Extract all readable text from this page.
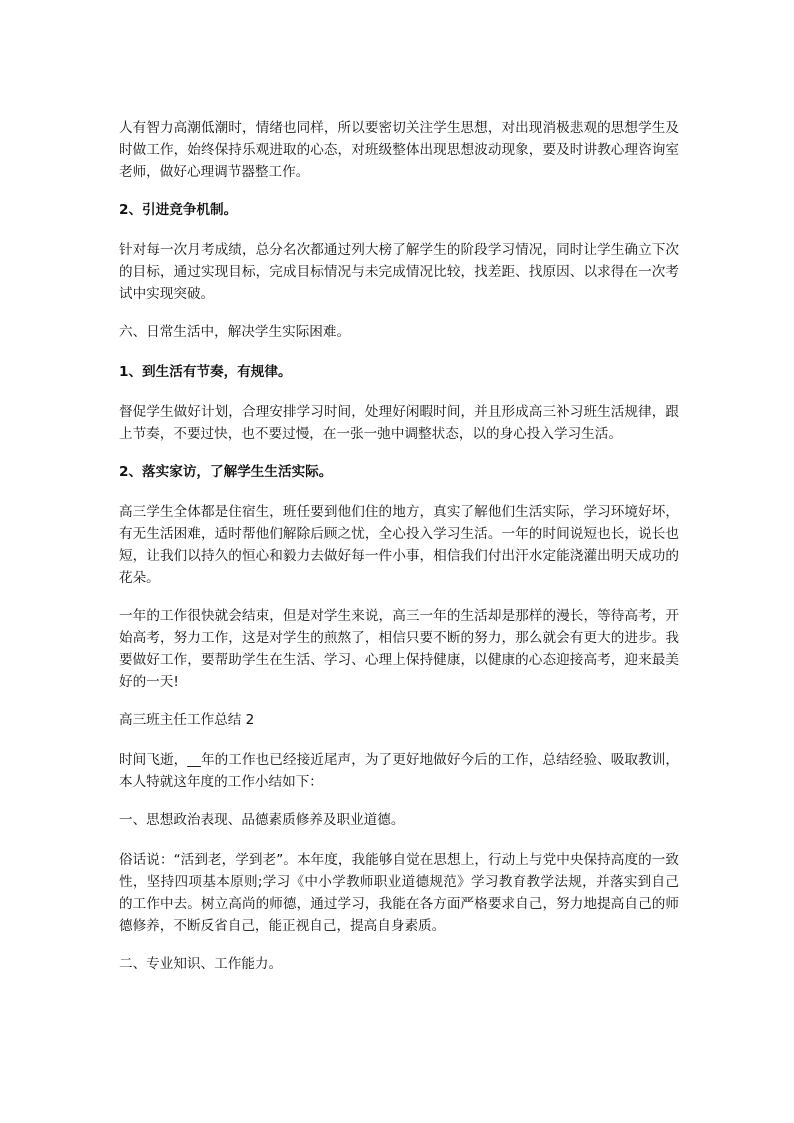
人有智力高潮低潮时，情绪也同样，所以要密切关注学生思想，对出现消极悲观的思想学生及时做工作，始终保持乐观进取的心态，对班级整体出现思想波动现象，要及时讲教心理咨询室老师，做好心理调节器整工作。

2、引进竞争机制。

针对每一次月考成绩，总分名次都通过列大榜了解学生的阶段学习情况，同时让学生确立下次的目标，通过实现目标，完成目标情况与未完成情况比较，找差距、找原因、以求得在一次考试中实现突破。

六、日常生活中，解决学生实际困难。

1、到生活有节奏，有规律。

督促学生做好计划，合理安排学习时间，处理好闲暇时间，并且形成高三补习班生活规律，跟上节奏，不要过快，也不要过慢，在一张一弛中调整状态，以的身心投入学习生活。

2、落实家访，了解学生生活实际。

高三学生全体都是住宿生，班任要到他们住的地方，真实了解他们生活实际，学习环境好坏，有无生活困难，适时帮他们解除后顾之忧，全心投入学习生活。一年的时间说短也长，说长也短，让我们以持久的恒心和毅力去做好每一件小事，相信我们付出汗水定能浇灌出明天成功的花朵。

一年的工作很快就会结束，但是对学生来说，高三一年的生活却是那样的漫长，等待高考，开始高考，努力工作，这是对学生的煎熬了，相信只要不断的努力，那么就会有更大的进步。我要做好工作，要帮助学生在生活、学习、心理上保持健康，以健康的心态迎接高考，迎来最美好的一天!

高三班主任工作总结 2

时间飞逝，__年的工作也已经接近尾声，为了更好地做好今后的工作，总结经验、吸取教训，本人特就这年度的工作小结如下：

一、思想政治表现、品德素质修养及职业道德。

俗话说：“活到老，学到老”。本年度，我能够自觉在思想上，行动上与党中央保持高度的一致性，坚持四项基本原则;学习《中小学教师职业道德规范》学习教育教学法规，并落实到自己的工作中去。树立高尚的师德，通过学习，我能在各方面严格要求自己，努力地提高自己的师德修养，不断反省自己，能正视自己，提高自身素质。

二、专业知识、工作能力。
